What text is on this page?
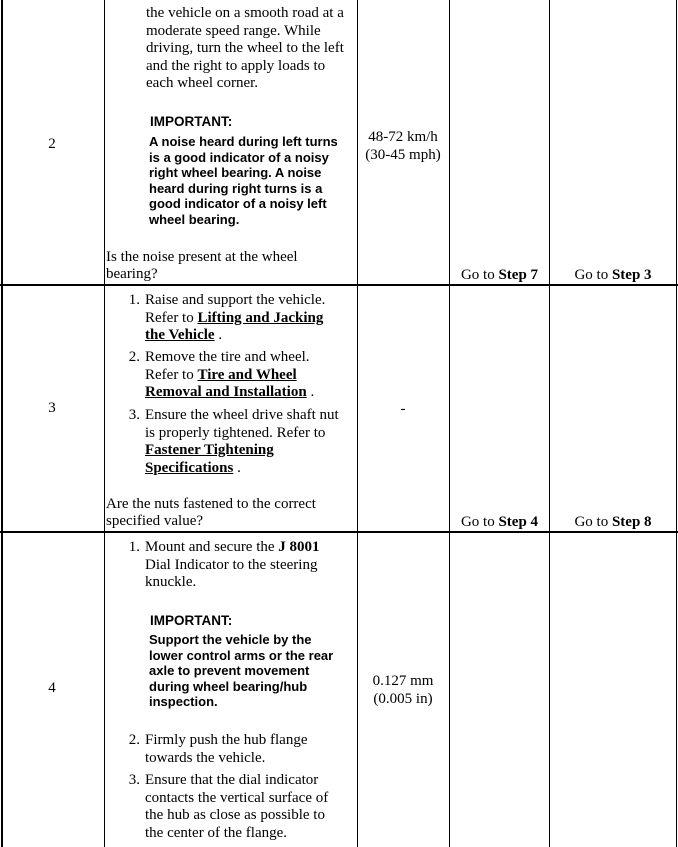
2
the vehicle on a smooth road at a
moderate speed range. While
driving, turn the wheel to the left
and the right to apply loads to
each wheel corner.
IMPORTANT:
A noise heard during left turns
is a good indicator of a noisy
right wheel bearing. A noise
heard during right turns is a
good indicator of a noisy left
wheel bearing.
Is the noise present at the wheel
bearing?
48-72 km/h
(30-45 mph)
Go to Step 7	Go to Step 3
3
1. Raise and support the vehicle.
Refer to Lifting and Jacking
the Vehicle .
2. Remove the tire and wheel.
Refer to Tire and Wheel
Removal and Installation .
3. Ensure the wheel drive shaft nut
is properly tightened. Refer to
Fastener Tightening
Specifications .
Are the nuts fastened to the correct
specified value?
-
Go to Step 4	Go to Step 8
4
1. Mount and secure the J 8001
Dial Indicator to the steering
knuckle.
IMPORTANT:
Support the vehicle by the
lower control arms or the rear
axle to prevent movement
during wheel bearing/hub
inspection.
2. Firmly push the hub flange
towards the vehicle.
3. Ensure that the dial indicator
contacts the vertical surface of
the hub as close as possible to
the center of the flange.
0.127 mm
(0.005 in)
